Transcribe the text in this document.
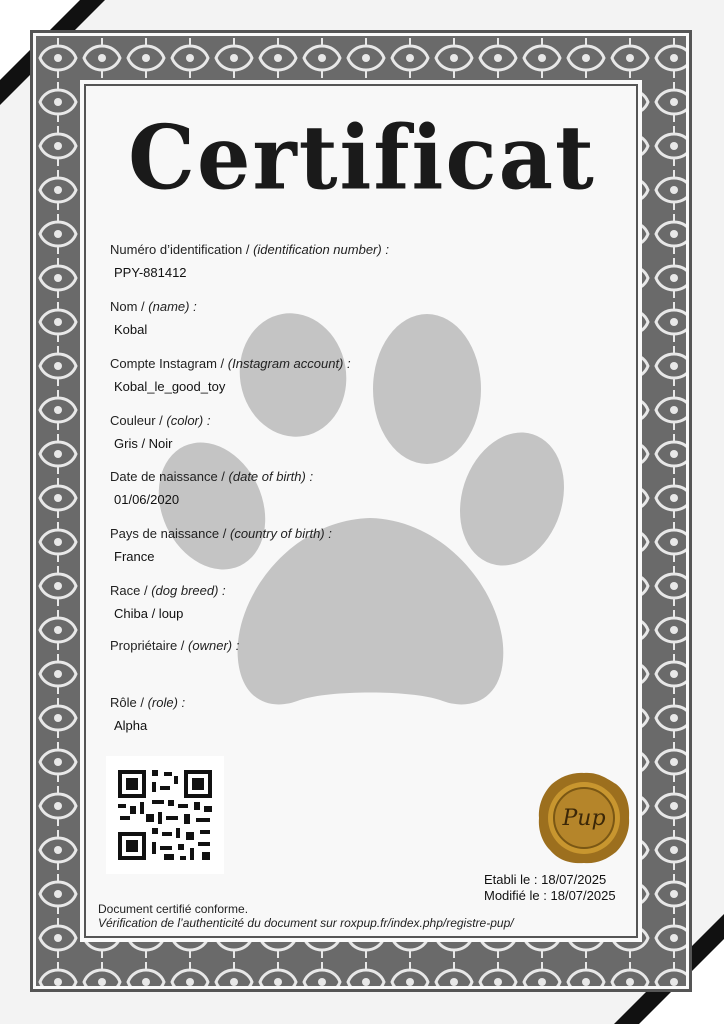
Certificat
Numéro d’identification / (identification number) :
PPY-881412
Nom / (name) :
Kobal
Compte Instagram / (Instagram account) :
Kobal_le_good_toy
Couleur / (color) :
Gris / Noir
Date de naissance / (date of birth) :
01/06/2020
Pays de naissance / (country of birth) :
France
Race / (dog breed) :
Chiba / loup
Propriétaire / (owner) :
Rôle / (role) :
Alpha
Pup
Etabli le : 18/07/2025
Modifié le : 18/07/2025
Document certifié conforme.
Vérification de l’authenticité du document sur roxpup.fr/index.php/registre-pup/
